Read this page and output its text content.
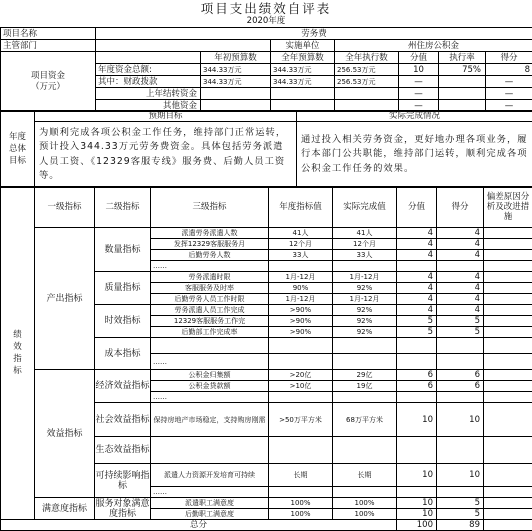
项目支出绩效自评表
2020年度
项目名称	劳务费						
主管部门			实施单位	州住房公积金			
项目资金
（万元）		年初预算数	全年预算数	全年执行数	分值	执行率	得分
	年度资金总额:	344.33万元	344.33万元	256.53万元	10	75%	8
	其中：财政拨款	344.33万元	344.33万元	256.53万元	—		—
	上年结转资金				—		—
	其他资金				—		—
年度
总体
目标	预期目标	实际完成情况
	为顺利完成各项公积金工作任务，维持部门正常运转，预计投入344.33万元劳务费资金。具体包括劳务派遣人员工资、《12329客服专线》服务费、后勤人员工资等。	通过投入相关劳务资金，更好地办理各项业务，履行本部门公共职能，维持部门运转，顺利完成各项公积金工作任务的效果。
绩
效
指
标	一级指标	二级指标	三级指标	年度指标值	实际完成值	分值	得分	偏差原因分析及改进措施
	产出指标	数量指标	派遣劳务派遣人数	41人	41人	4	4	
			发挥12329客服服务月	12个月	12个月	4	4	
			后勤劳务人数	33人	33人	4	4	
			……					
		质量指标	劳务派遣时限	1月-12月	1月-12月	4	4	
			客服服务及时率	90%	92%	4	4	
			后勤劳务人员工作时限	1月-12月	1月-12月	4	4	
		时效指标	劳务派遣人员工作完成	>90%	92%	4	4	
			12329客服服务工作完	>90%	92%	5	5	
			后勤部工作完成率	>90%	92%	5	5	
		成本指标						
			……					
	效益指标	经济效益指标	公积金归集额	>20亿	29亿	6	6	
			公积金贷款额	>10亿	19亿	6	6	
			……					
		社会效益指标	保持房地产市场稳定，支持购房刚需	>50万平方米	68万平方米	10	10	
		生态效益指标						
		可持续影响指标	派遣人力资源开发培育可持续	长期	长期	10	10	
			……					
	满意度指标	服务对象满意度指标	派遣职工满意度	100%	100%	10	5	
			后勤职工满意度	100%	100%	10	5	
总分						100	89	
